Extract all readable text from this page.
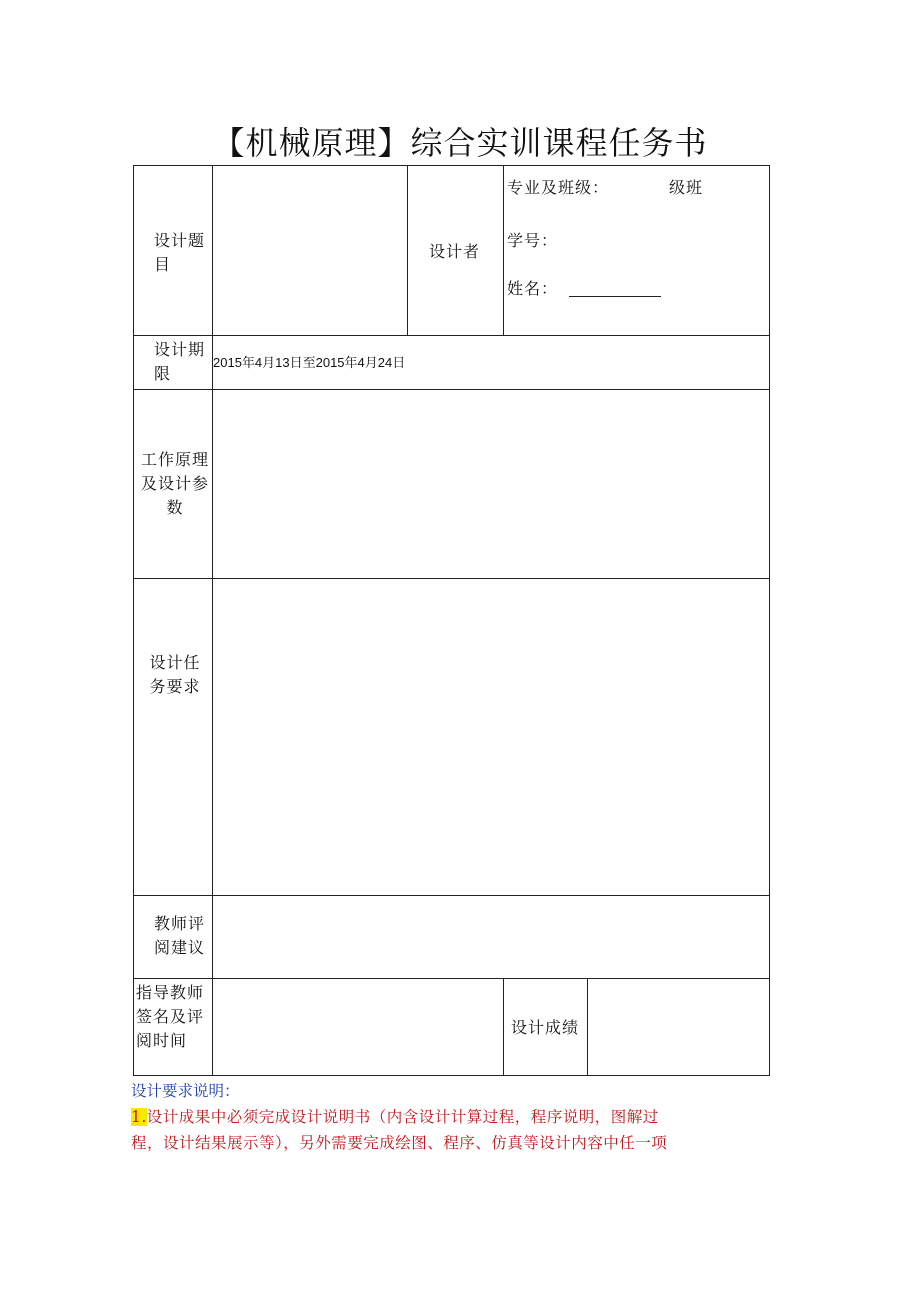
【机械原理】综合实训课程任务书
设计题
目
设计者
专业及班级：	级班
学号：
姓名：
设计期
限
2015年4月13日至2015年4月24日
工作原理
及设计参
数
设计任
务要求
教师评
阅建议
指导教师
签名及评
阅时间
设计成绩
设计要求说明：
1.设计成果中必须完成设计说明书（内含设计计算过程，程序说明，图解过
程，设计结果展示等），另外需要完成绘图、程序、仿真等设计内容中任一项
